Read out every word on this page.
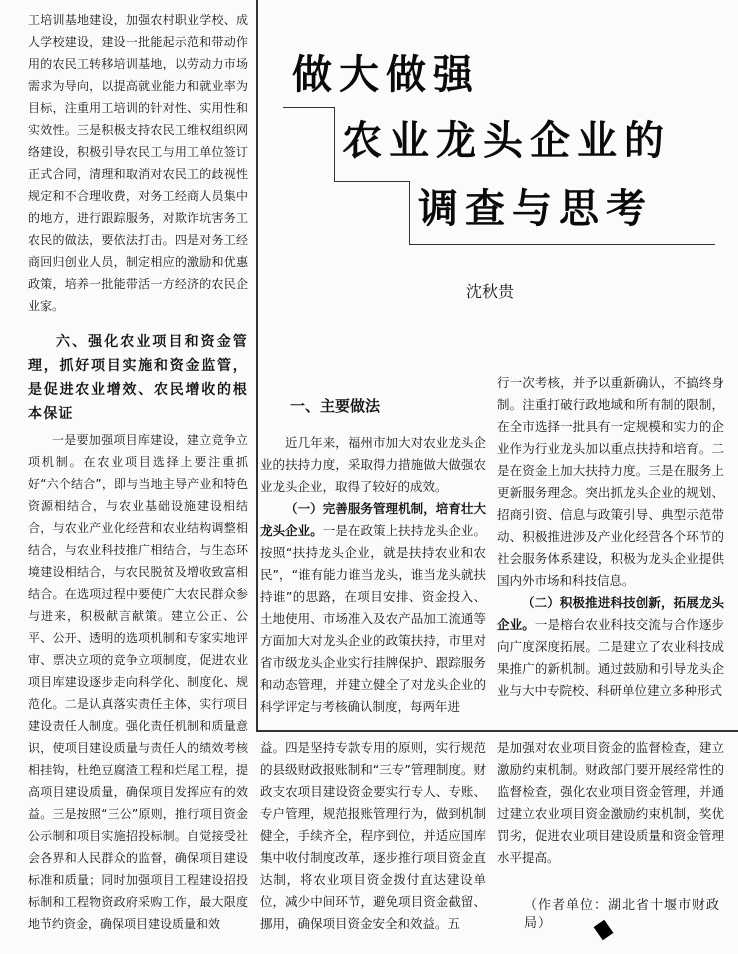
工培训基地建设，加强农村职业学校、成人学校建设，建设一批能起示范和带动作用的农民工转移培训基地，以劳动力市场需求为导向，以提高就业能力和就业率为目标，注重用工培训的针对性、实用性和实效性。三是积极支持农民工维权组织网络建设，积极引导农民工与用工单位签订正式合同，清理和取消对农民工的歧视性规定和不合理收费，对务工经商人员集中的地方，进行跟踪服务，对欺诈坑害务工农民的做法，要依法打击。四是对务工经商回归创业人员，制定相应的激励和优惠政策，培养一批能带活一方经济的农民企业家。

六、强化农业项目和资金管理，抓好项目实施和资金监管，是促进农业增效、农民增收的根本保证

一是要加强项目库建设，建立竞争立项机制。在农业项目选择上要注重抓好“六个结合”，即与当地主导产业和特色资源相结合，与农业基础设施建设相结合，与农业产业化经营和农业结构调整相结合，与农业科技推广相结合，与生态环境建设相结合，与农民脱贫及增收致富相结合。在选项过程中要使广大农民群众参与进来，积极献言献策。建立公正、公平、公开、透明的选项机制和专家实地评审、票决立项的竞争立项制度，促进农业项目库建设逐步走向科学化、制度化、规范化。二是认真落实责任主体，实行项目建设责任人制度。强化责任机制和质量意识，使项目建设质量与责任人的绩效考核相挂钩，杜绝豆腐渣工程和烂尾工程，提高项目建设质量，确保项目发挥应有的效益。三是按照“三公”原则，推行项目资金公示制和项目实施招投标制。自觉接受社会各界和人民群众的监督，确保项目建设标准和质量；同时加强项目工程建设招投标制和工程物资政府采购工作，最大限度地节约资金，确保项目建设质量和效

做大做强
农业龙头企业的
调查与思考
沈秋贵
一、主要做法

近几年来，福州市加大对农业龙头企业的扶持力度，采取得力措施做大做强农业龙头企业，取得了较好的成效。

（一）完善服务管理机制，培育壮大龙头企业。一是在政策上扶持龙头企业。按照“扶持龙头企业，就是扶持农业和农民”，“谁有能力谁当龙头，谁当龙头就扶持谁”的思路，在项目安排、资金投入、土地使用、市场准入及农产品加工流通等方面加大对龙头企业的政策扶持，市里对省市级龙头企业实行挂牌保护、跟踪服务和动态管理，并建立健全了对龙头企业的科学评定与考核确认制度，每两年进

行一次考核，并予以重新确认，不搞终身制。注重打破行政地域和所有制的限制，在全市选择一批具有一定规模和实力的企业作为行业龙头加以重点扶持和培育。二是在资金上加大扶持力度。三是在服务上更新服务理念。突出抓龙头企业的规划、招商引资、信息与政策引导、典型示范带动、积极推进涉及产业化经营各个环节的社会服务体系建设，积极为龙头企业提供国内外市场和科技信息。

（二）积极推进科技创新，拓展龙头企业。一是榕台农业科技交流与合作逐步向广度深度拓展。二是建立了农业科技成果推广的新机制。通过鼓励和引导龙头企业与大中专院校、科研单位建立多种形式

益。四是坚持专款专用的原则，实行规范的县级财政报账制和“三专”管理制度。财政支农项目建设资金要实行专人、专账、专户管理，规范报账管理行为，做到机制健全，手续齐全，程序到位，并适应国库集中收付制度改革，逐步推行项目资金直达制，将农业项目资金拨付直达建设单位，减少中间环节，避免项目资金截留、挪用，确保项目资金安全和效益。五

是加强对农业项目资金的监督检查，建立激励约束机制。财政部门要开展经常性的监督检查，强化农业项目资金管理，并通过建立农业项目资金激励约束机制，奖优罚劣，促进农业项目建设质量和资金管理水平提高。

（作者单位：湖北省十堰市财政局）
